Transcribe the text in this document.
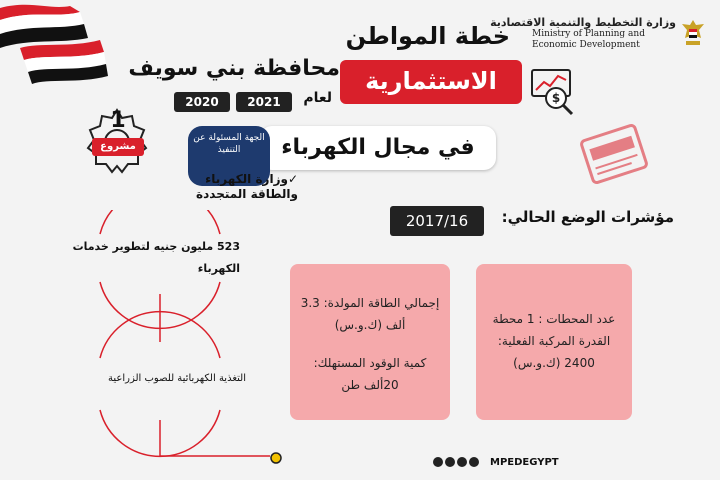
وزارة التخطيط والتنمية الاقتصادية
Ministry of Planning and Economic Development
خطة المواطن
الاستثمارية
محافظة بني سويف
لعام
2021
2020	$
1
مشروع	في مجال الكهرباء
الجهة المسئولة عن التنفيذ
✓وزارة الكهرباء
والطاقة المتجددة
523 مليون جنيه لتطوير خدمات الكهرباء
التغذية الكهربائية للصوب الزراعية
مؤشرات الوضع الحالي:
2017/16
إجمالي الطاقة المولدة: 3.3
ألف (ك.و.س)
كمية الوقود المستهلك:
20ألف طن
عدد المحطات : 1 محطة
القدرة المركبة الفعلية:
2400 (ك.و.س)
MPEDEGYPT
